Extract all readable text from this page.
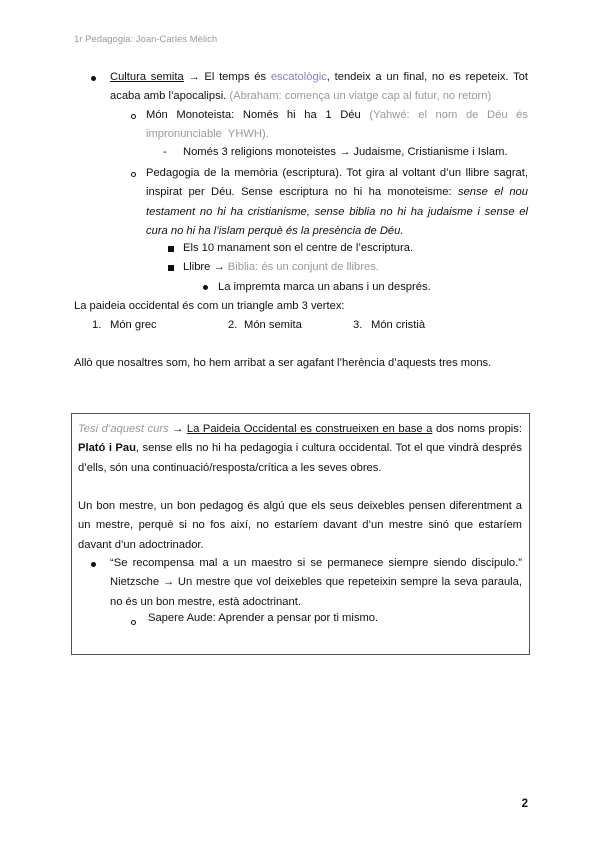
1r Pedagogia: Joan-Carles Mèlich
Cultura semita → El temps és escatològic, tendeix a un final, no es repeteix. Tot acaba amb l’apocalipsi. (Abraham: comença un viatge cap al futur, no retorn)
Món Monoteista: Només hi ha 1 Déu (Yahwé: el nom de Déu és impronunciable YHWH).
- Només 3 religions monoteistes → Judaisme, Cristianisme i Islam.
Pedagogia de la memòria (escriptura). Tot gira al voltant d’un llibre sagrat, inspirat per Déu. Sense escriptura no hi ha monoteisme: sense el nou testament no hi ha cristianisme, sense biblia no hi ha judaisme i sense el cura no hi ha l’islam perquè és la presència de Déu.
Els 10 manament son el centre de l’escriptura.
Llibre → Biblia: és un conjunt de llibres.
La impremta marca un abans i un després.
La paideia occidental és com un triangle amb 3 vertex:
1. Món grec	2. Món semita	3. Món cristià
Allò que nosaltres som, ho hem arribat a ser agafant l’herència d’aquests tres mons.
Tesi d’aquest curs → La Paideia Occidental es construeixen en base a dos noms propis: Plató i Pau, sense ells no hi ha pedagogia i cultura occidental. Tot el que vindrà després d’ells, són una continuació/resposta/crítica a les seves obres.
Un bon mestre, un bon pedagog és algú que els seus deixebles pensen diferentment a un mestre, perquè si no fos així, no estaríem davant d’un mestre sinó que estaríem davant d’un adoctrinador.
“Se recompensa mal a un maestro si se permanece siempre siendo discipulo.” Nietzsche → Un mestre que vol deixebles que repeteixin sempre la seva paraula, no és un bon mestre, està adoctrinant.
Sapere Aude: Aprender a pensar por ti mismo.
2
